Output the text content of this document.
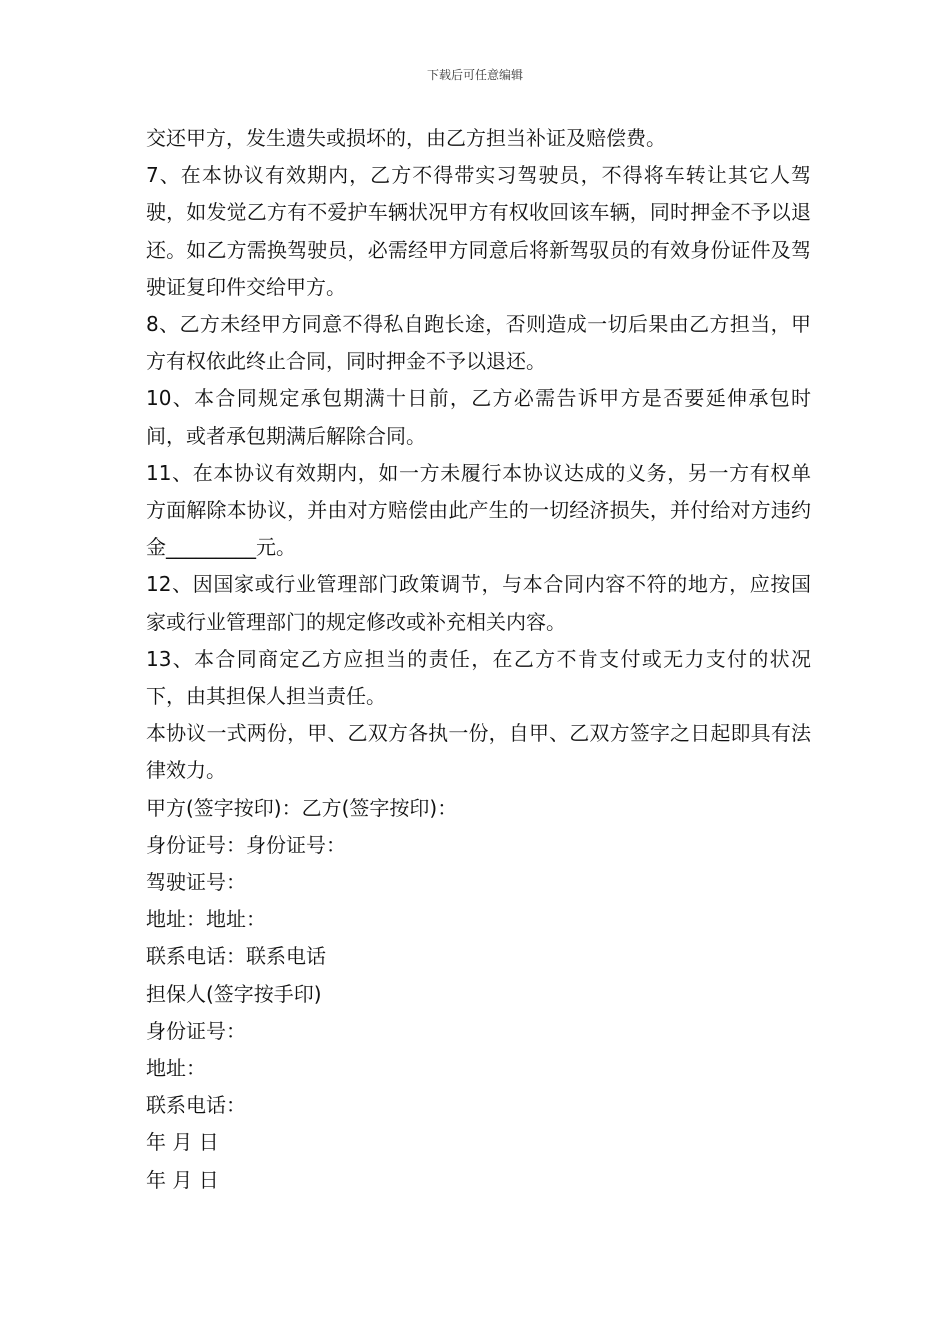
下载后可任意编辑

交还甲方，发生遗失或损坏的，由乙方担当补证及赔偿费。

7、在本协议有效期内，乙方不得带实习驾驶员，不得将车转让其它人驾驶，如发觉乙方有不爱护车辆状况甲方有权收回该车辆，同时押金不予以退还。如乙方需换驾驶员，必需经甲方同意后将新驾驭员的有效身份证件及驾驶证复印件交给甲方。

8、乙方未经甲方同意不得私自跑长途，否则造成一切后果由乙方担当，甲方有权依此终止合同，同时押金不予以退还。

10、本合同规定承包期满十日前，乙方必需告诉甲方是否要延伸承包时间，或者承包期满后解除合同。

11、在本协议有效期内，如一方未履行本协议达成的义务，另一方有权单方面解除本协议，并由对方赔偿由此产生的一切经济损失，并付给对方违约金_________元。

12、因国家或行业管理部门政策调节，与本合同内容不符的地方，应按国家或行业管理部门的规定修改或补充相关内容。

13、本合同商定乙方应担当的责任，在乙方不肯支付或无力支付的状况下，由其担保人担当责任。

本协议一式两份，甲、乙双方各执一份，自甲、乙双方签字之日起即具有法律效力。

甲方(签字按印)：乙方(签字按印)：

身份证号：身份证号：

驾驶证号：

地址：地址：

联系电话：联系电话

担保人(签字按手印)

身份证号：

地址：

联系电话：

年 月 日

年 月 日
